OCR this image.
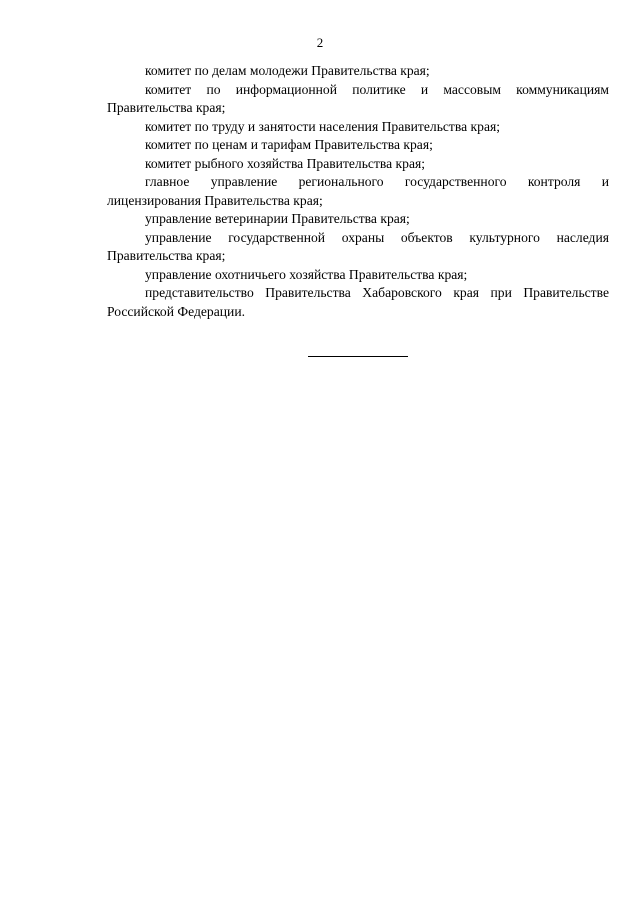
2

комитет по делам молодежи Правительства края;

комитет по информационной политике и массовым коммуникациям Правительства края;

комитет по труду и занятости населения Правительства края;

комитет по ценам и тарифам Правительства края;

комитет рыбного хозяйства Правительства края;

главное управление регионального государственного контроля и лицензирования Правительства края;

управление ветеринарии Правительства края;

управление государственной охраны объектов культурного наследия Правительства края;

управление охотничьего хозяйства Правительства края;

представительство Правительства Хабаровского края при Правительстве Российской Федерации.
